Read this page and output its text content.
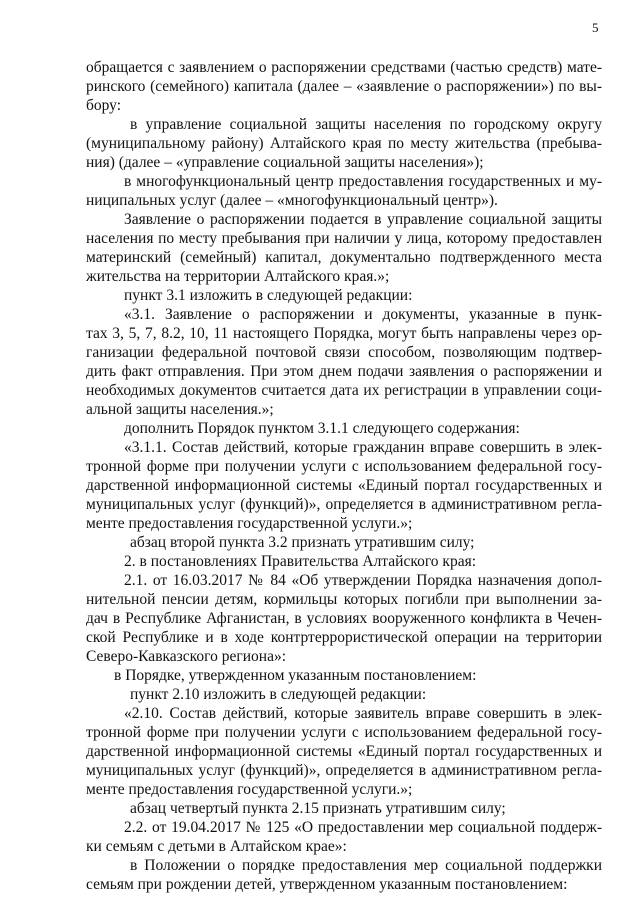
5
обращается с заявлением о распоряжении средствами (частью средств) мате-
ринского (семейного) капитала (далее – «заявление о распоряжении») по вы-
бору:
в управление социальной защиты населения по городскому округу
(муниципальному району) Алтайского края по месту жительства (пребыва-
ния) (далее – «управление социальной защиты населения»);
в многофункциональный центр предоставления государственных и му-
ниципальных услуг (далее – «многофункциональный центр»).
Заявление о распоряжении подается в управление социальной защиты
населения по месту пребывания при наличии у лица, которому предоставлен
материнский (семейный) капитал, документально подтвержденного места
жительства на территории Алтайского края.»;
пункт 3.1 изложить в следующей редакции:
«3.1. Заявление о распоряжении и документы, указанные в пунк-
тах 3, 5, 7, 8.2, 10, 11 настоящего Порядка, могут быть направлены через ор-
ганизации федеральной почтовой связи способом, позволяющим подтвер-
дить факт отправления. При этом днем подачи заявления о распоряжении и
необходимых документов считается дата их регистрации в управлении соци-
альной защиты населения.»;
дополнить Порядок пунктом 3.1.1 следующего содержания:
«3.1.1. Состав действий, которые гражданин вправе совершить в элек-
тронной форме при получении услуги с использованием федеральной госу-
дарственной информационной системы «Единый портал государственных и
муниципальных услуг (функций)», определяется в административном регла-
менте предоставления государственной услуги.»;
абзац второй пункта 3.2 признать утратившим силу;
2. в постановлениях Правительства Алтайского края:
2.1. от 16.03.2017 № 84 «Об утверждении Порядка назначения допол-
нительной пенсии детям, кормильцы которых погибли при выполнении за-
дач в Республике Афганистан, в условиях вооруженного конфликта в Чечен-
ской Республике и в ходе контртеррористической операции на территории
Северо-Кавказского региона»:
в Порядке, утвержденном указанным постановлением:
пункт 2.10 изложить в следующей редакции:
«2.10. Состав действий, которые заявитель вправе совершить в элек-
тронной форме при получении услуги с использованием федеральной госу-
дарственной информационной системы «Единый портал государственных и
муниципальных услуг (функций)», определяется в административном регла-
менте предоставления государственной услуги.»;
абзац четвертый пункта 2.15 признать утратившим силу;
2.2. от 19.04.2017 № 125 «О предоставлении мер социальной поддерж-
ки семьям с детьми в Алтайском крае»:
в Положении о порядке предоставления мер социальной поддержки
семьям при рождении детей, утвержденном указанным постановлением:
